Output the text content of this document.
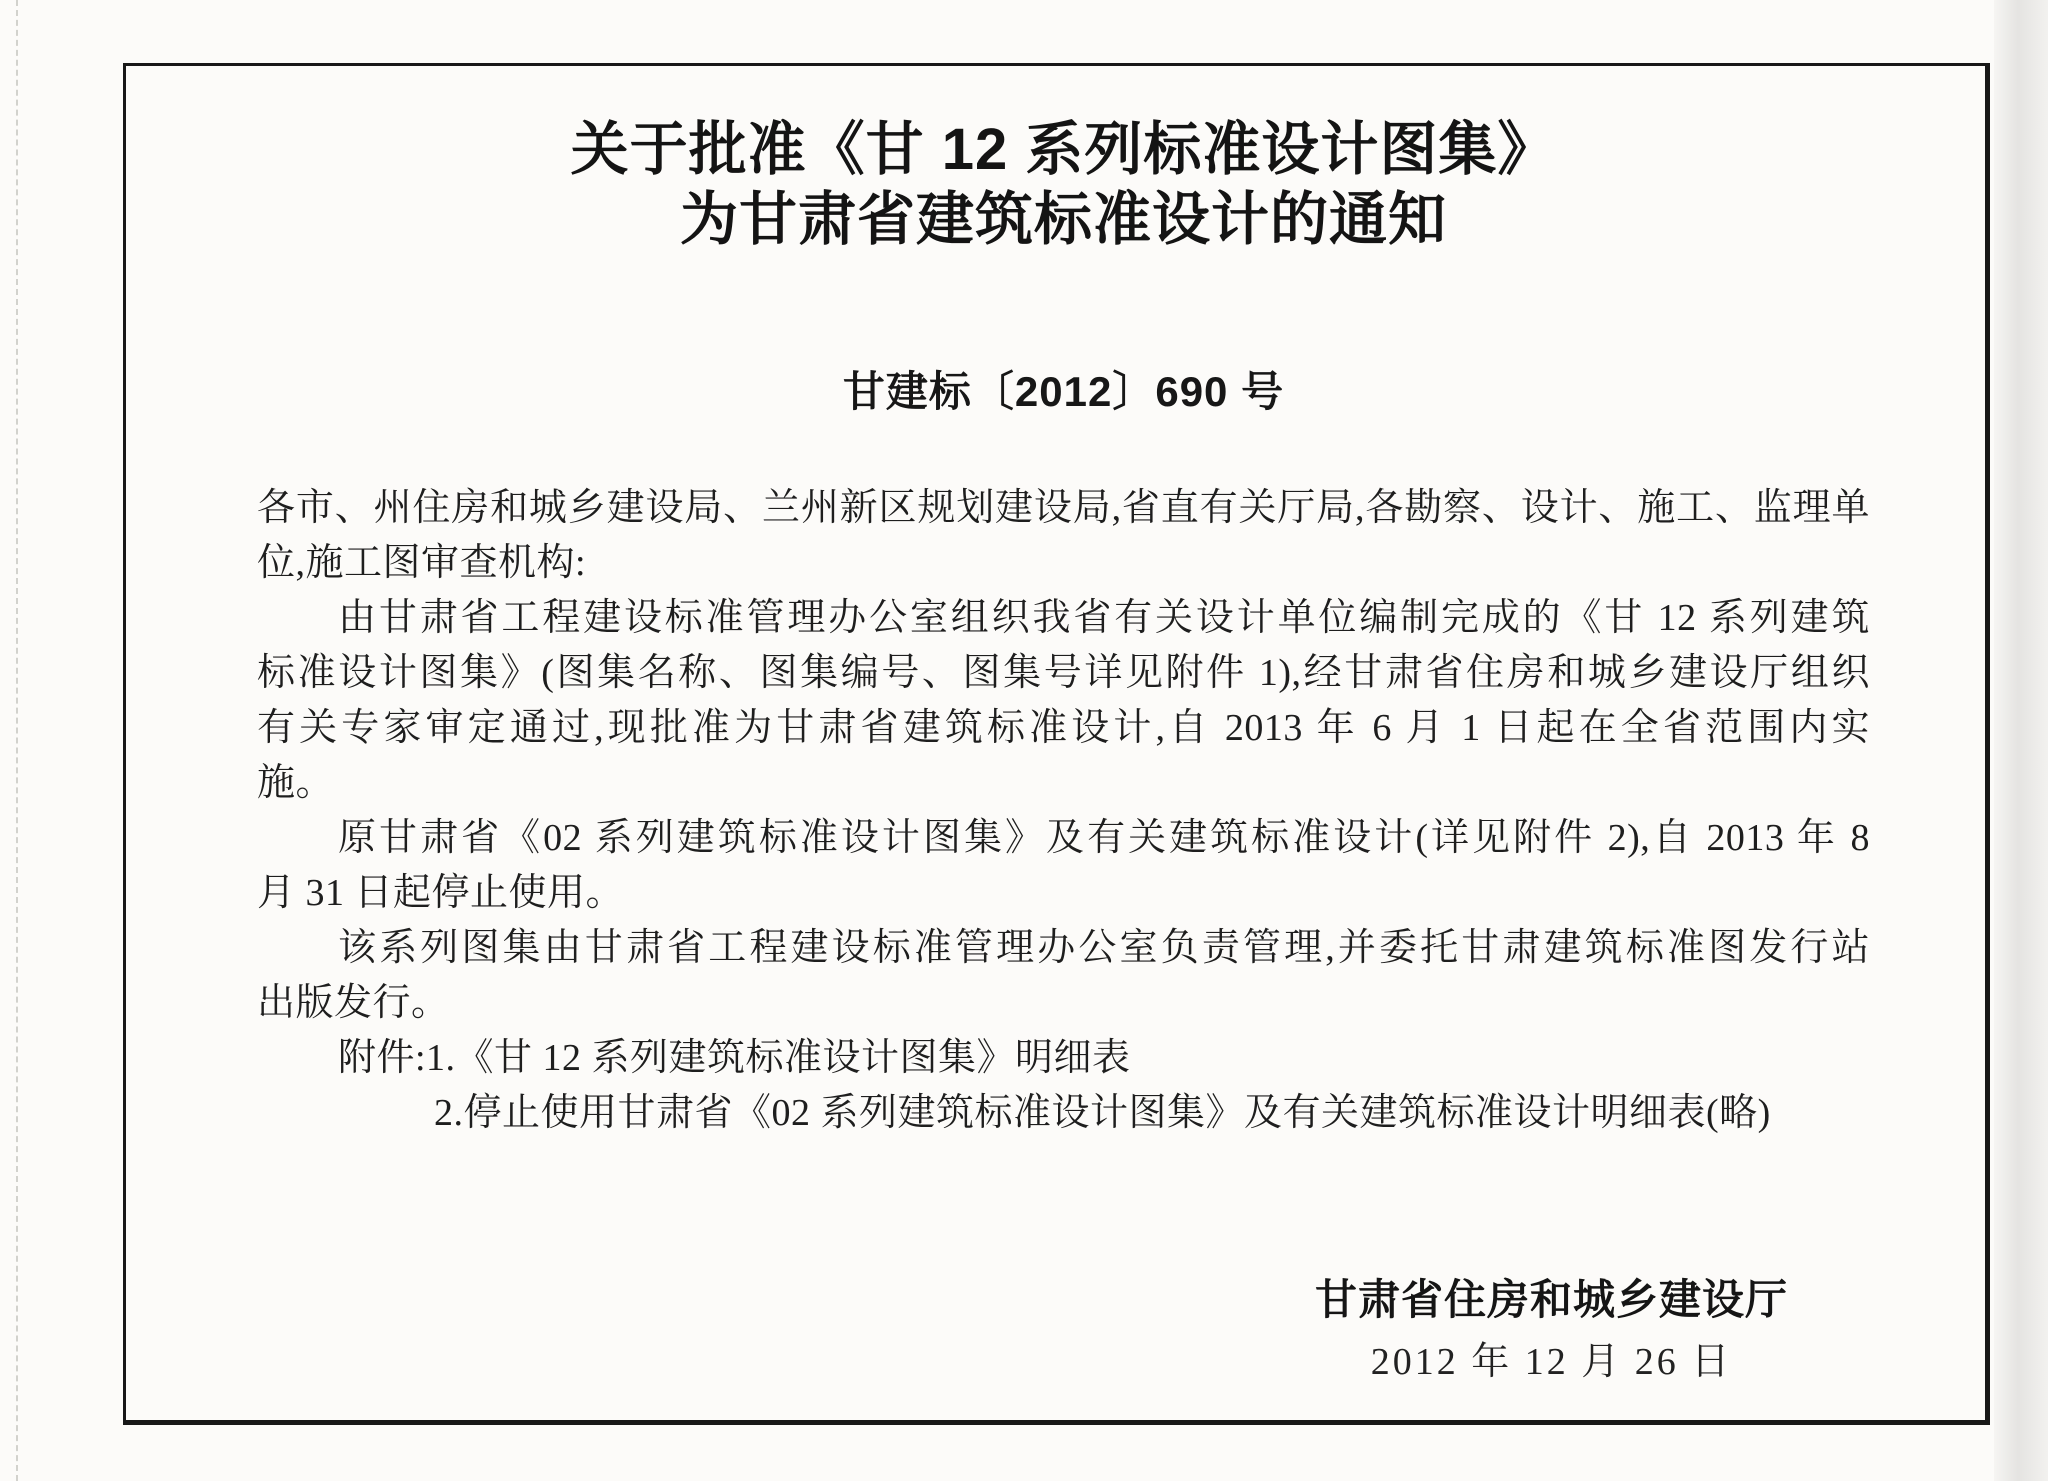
关于批准《甘 12 系列标准设计图集》
为甘肃省建筑标准设计的通知
甘建标〔2012〕690 号
各市、州住房和城乡建设局、兰州新区规划建设局,省直有关厅局,各勘察、设计、施工、监理单
位,施工图审查机构:
由甘肃省工程建设标准管理办公室组织我省有关设计单位编制完成的《甘 12 系列建筑
标准设计图集》(图集名称、图集编号、图集号详见附件 1),经甘肃省住房和城乡建设厅组织
有关专家审定通过,现批准为甘肃省建筑标准设计,自 2013 年 6 月 1 日起在全省范围内实
施。
原甘肃省《02 系列建筑标准设计图集》及有关建筑标准设计(详见附件 2),自 2013 年 8
月 31 日起停止使用。
该系列图集由甘肃省工程建设标准管理办公室负责管理,并委托甘肃建筑标准图发行站
出版发行。
附件:1.《甘 12 系列建筑标准设计图集》明细表
2.停止使用甘肃省《02 系列建筑标准设计图集》及有关建筑标准设计明细表(略)
甘肃省住房和城乡建设厅
2012 年 12 月 26 日
